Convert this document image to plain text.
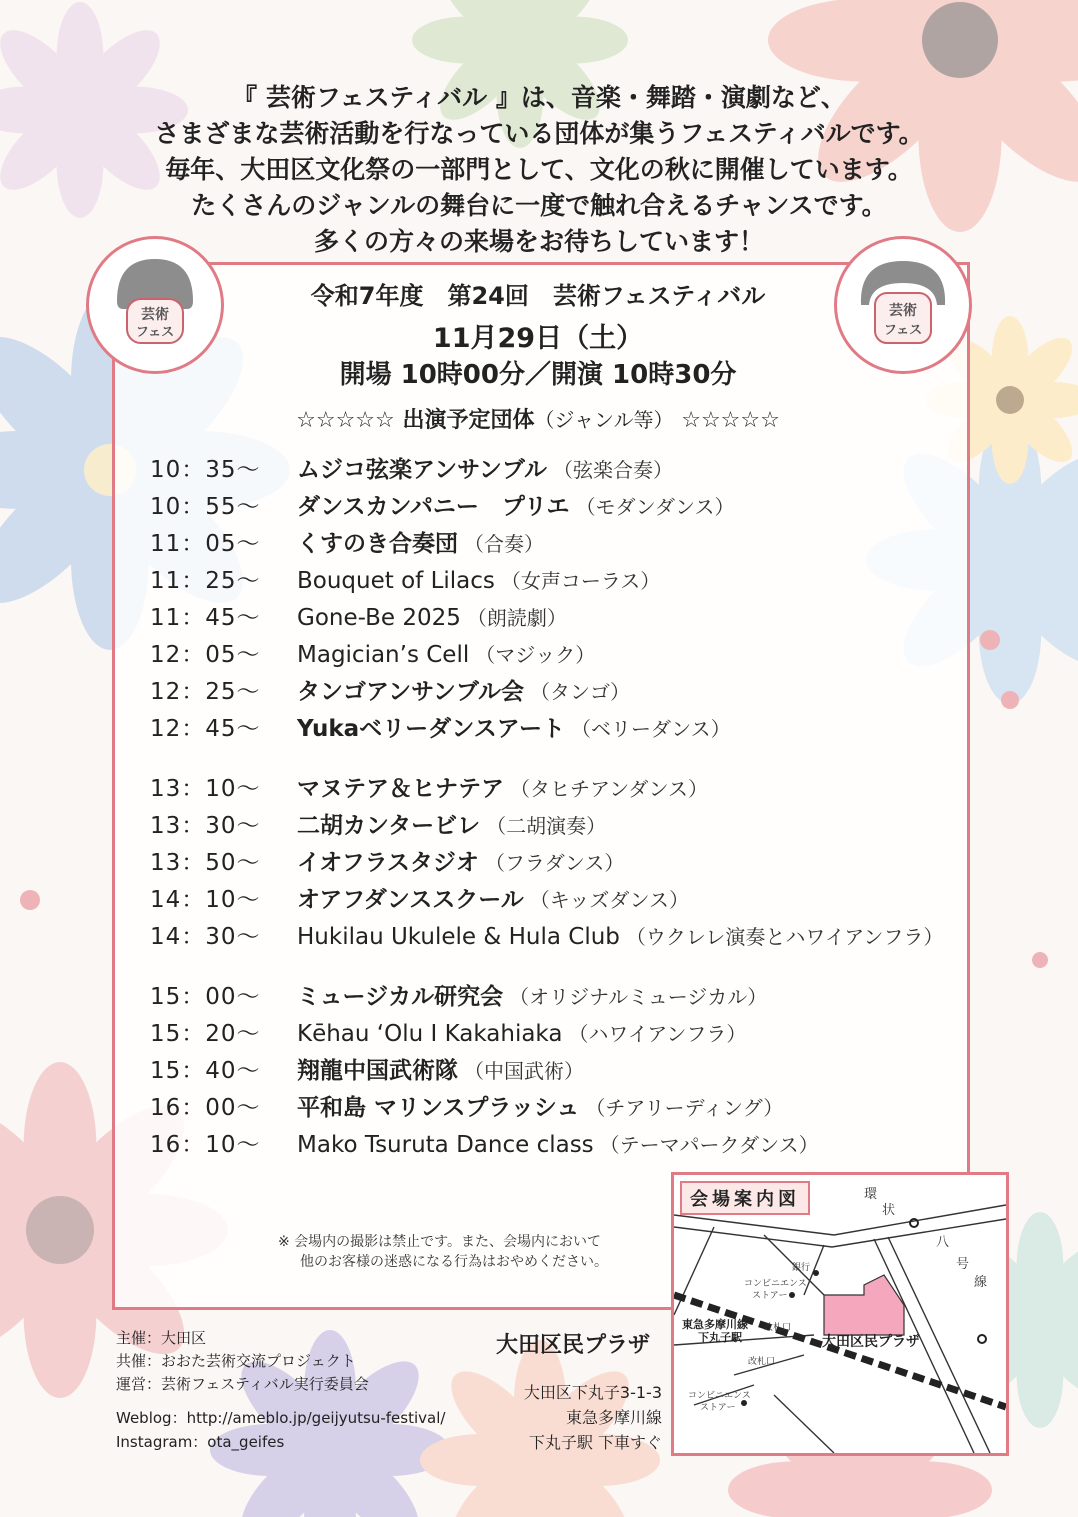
『 芸術フェスティバル 』は、音楽・舞踏・演劇など、
さまざまな芸術活動を行なっている団体が集うフェスティバルです。
毎年、大田区文化祭の一部門として、文化の秋に開催しています。
たくさんのジャンルの舞台に一度で触れ合えるチャンスです。
多くの方々の来場をお待ちしています！
芸術
フェス
芸術
フェス
令和7年度　第24回　芸術フェスティバル
11月29日（土）
開場 10時00分／開演 10時30分
☆☆☆☆☆ 出演予定団体（ジャンル等） ☆☆☆☆☆
10：35〜	ムジコ弦楽アンサンブル （弦楽合奏）
10：55〜	ダンスカンパニー　プリエ （モダンダンス）
11：05〜	くすのき合奏団 （合奏）
11：25〜	Bouquet of Lilacs （女声コーラス）
11：45〜	Gone-Be 2025 （朗読劇）
12：05〜	Magician’s Cell （マジック）
12：25〜	タンゴアンサンブル会 （タンゴ）
12：45〜	Yukaベリーダンスアート （ベリーダンス）
13：10〜	マヌテア＆ヒナテア （タヒチアンダンス）
13：30〜	二胡カンタービレ （二胡演奏）
13：50〜	イオフラスタジオ （フラダンス）
14：10〜	オアフダンススクール （キッズダンス）
14：30〜	Hukilau Ukulele & Hula Club （ウクレレ演奏とハワイアンフラ）
15：00〜	ミュージカル研究会 （オリジナルミュージカル）
15：20〜	Kēhau ‘Olu I Kakahiaka （ハワイアンフラ）
15：40〜	翔龍中国武術隊 （中国武術）
16：00〜	平和島 マリンスプラッシュ （チアリーディング）
16：10〜	Mako Tsuruta Dance class （テーマパークダンス）
※ 会場内の撮影は禁止です。また、会場内において
他のお客様の迷惑になる行為はおやめください。
主催：大田区
共催：おおた芸術交流プロジェクト
運営：芸術フェスティバル実行委員会
Weblog：http://ameblo.jp/geijyutsu-festival/
Instagram：ota_geifes
大田区民プラザ
大田区下丸子3-1-3
東急多摩川線
下丸子駅 下車すぐ
会場案内図	環
状
八
号
線
銀行
コンビニエンス
ストアー
東急多摩川線
下丸子駅
改札口
改札口
コンビニエンス
ストアー
大田区民プラザ
